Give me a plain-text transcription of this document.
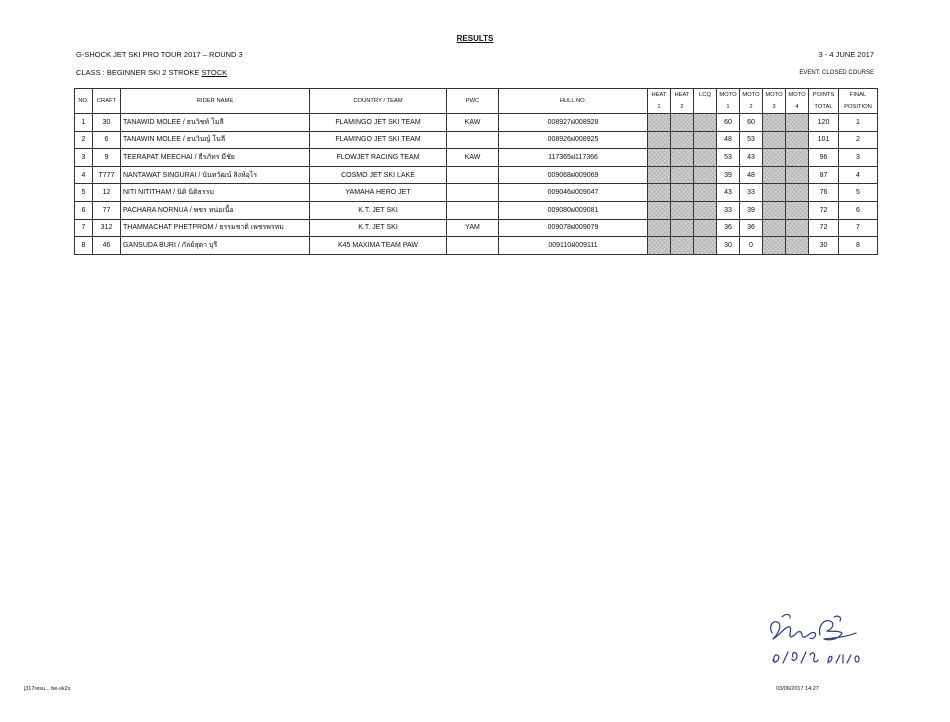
RESULTS
G-SHOCK JET SKI PRO TOUR 2017 – ROUND 3	3 - 4 JUNE 2017
CLASS : BEGINNER SKI 2 STROKE STOCK	EVENT: CLOSED COURSE
NO.	CRAFT	RIDER NAME	COUNTRY / TEAM	PWC	HULL NO.	HEAT	HEAT	LCQ	MOTO	MOTO	MOTO	MOTO	POINTS	FINAL
						1	2		1	2	3	4	TOTAL	POSITION
1	30	TANAWID MOLEE / ธนวิชท์ โมลี	FLAMINGO JET SKI TEAM	KAW	008927ฝ008928				60	60			120	1
2	6	TANAWIN MOLEE / ธนวินญ์ โมลี	FLAMINGO JET SKI TEAM		008926ฝ008925				48	53			101	2
3	9	TEERAPAT MEECHAI / ธีรภัทร มีชัย	FLOWJET RACING TEAM	KAW	117365ฝ117366				53	43			96	3
4	T777	NANTAWAT SINGURAI / นันทวัฒน์ สิงห์อุไร	COSMO JET SKI LAKE		009068ฝ009069				39	48			87	4
5	12	NITI NITITHAM / นิติ นิติธรรม	YAMAHA HERO JET		009046ฝ009047				43	33			76	5
6	77	PACHARA NORNUA / พชร หน่อเนื้อ	K.T. JET SKI		009080ฝ009081				33	39			72	6
7	312	THAMMACHAT PHETPROM / ธรรมชาติ เพชรพรหม	K.T. JET SKI	YAM	009078ฝ009079				36	36			72	7
8	46	GANSUDA BURI / กัลย์สุดา บุรี	K45 MAXIMA TEAM PAW		009110ฝ009111				30	0			30	8
j317resu... be-sk2s	03/06/2017 14:27
